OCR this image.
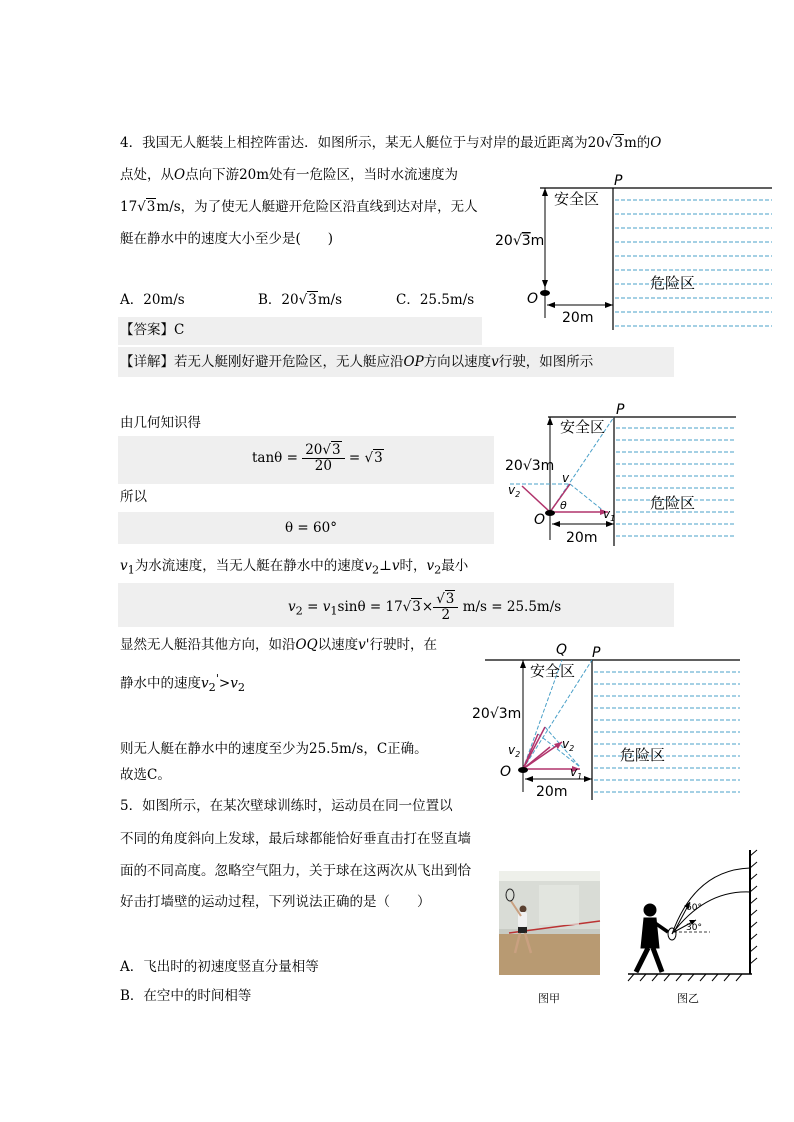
4．我国无人艇装上相控阵雷达．如图所示，某无人艇位于与对岸的最近距离为20√3m的O
点处，从O点向下游20m处有一危险区，当时水流速度为
17√3m/s，为了使无人艇避开危险区沿直线到达对岸，无人
艇在静水中的速度大小至少是(　　)
A．20m/s	B．20√3m/s	C．25.5m/s
P
安全区
危险区
20√3m
O
20m
【答案】C
【详解】若无人艇刚好避开危险区，无人艇应沿OP方向以速度v行驶，如图所示
由几何知识得
$\tan\theta = \frac{20√3}{20} = √3$
所以
θ = 60°
P
安全区
危险区
20√3m
O
v
$v_2$
$v_1$
θ
20m
$v_1$为水流速度，当无人艇在静水中的速度$v_2\perp v$时，$v_2$最小
$v_2 = v_1\sin\theta = 17√3\times \frac{√3}{2} m/s = 25.5m/s$
显然无人艇沿其他方向，如沿OQ以速度v'行驶时，在
静水中的速度$v_2'>v_2$
Q P
安全区
危险区
20√3m
O
$v_2$
$v_2$
$v_1$
20m
则无人艇在静水中的速度至少为25.5m/s，C正确。
故选C。
5．如图所示，在某次壁球训练时，运动员在同一位置以
不同的角度斜向上发球，最后球都能恰好垂直击打在竖直墙
面的不同高度。忽略空气阻力，关于球在这两次从飞出到恰
好击打墙壁的运动过程，下列说法正确的是（　　）
A．飞出时的初速度竖直分量相等
B．在空中的时间相等	图甲
60°
30°
图乙
